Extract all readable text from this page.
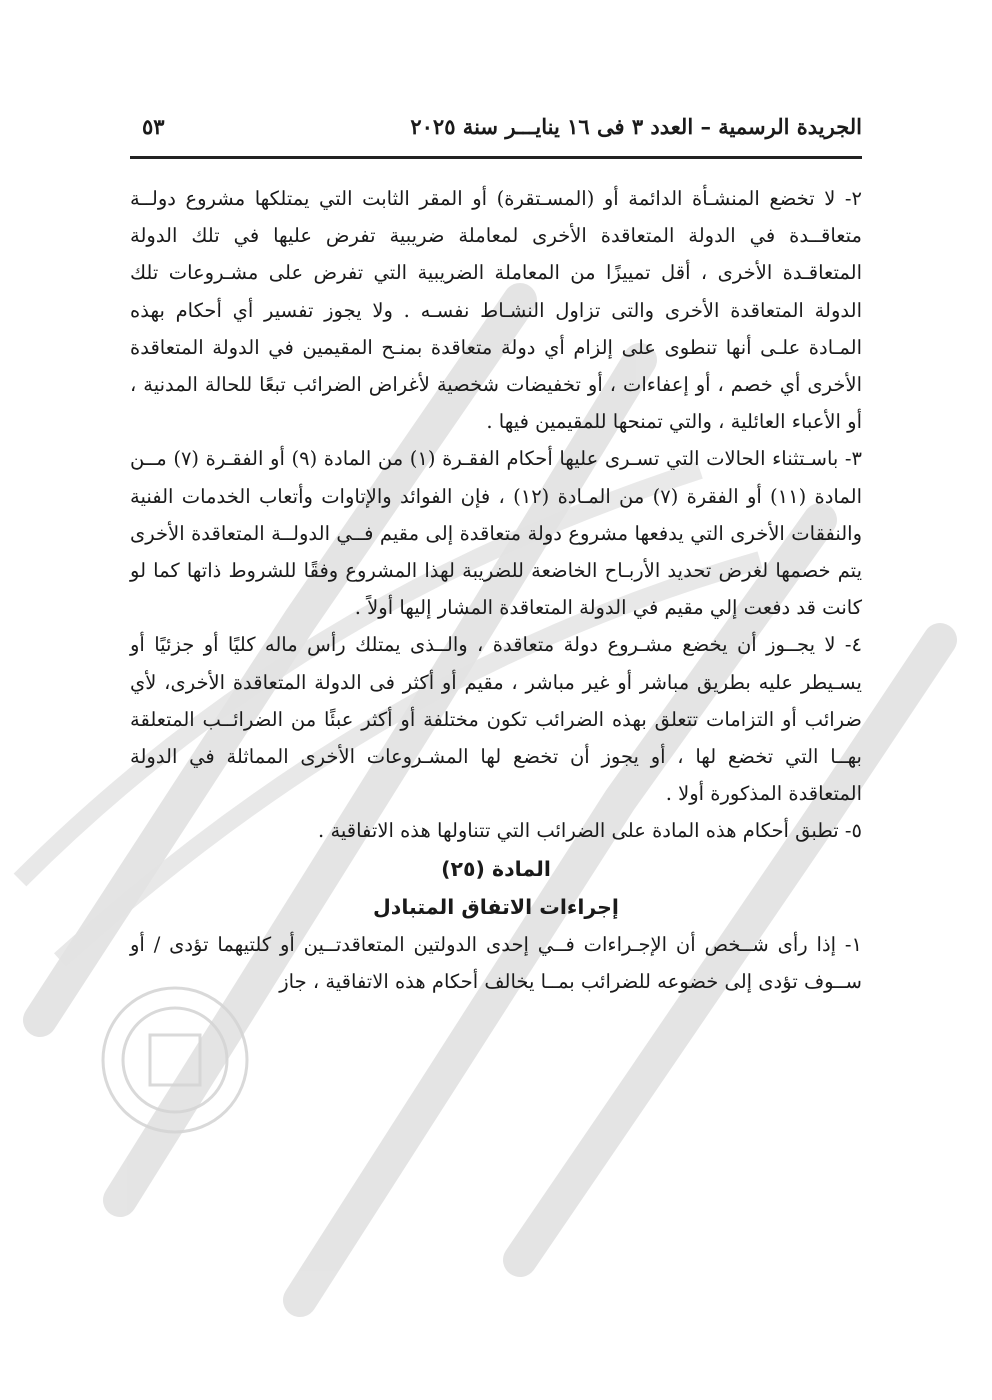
الجريدة الرسمية – العدد ٣ فى ١٦ ينايـــر سنة ٢٠٢٥
٥٣

٢- لا تخضع المنشـأة الدائمة أو (المسـتقرة) أو المقر الثابت التي يمتلكها مشروع دولــة متعاقــدة في الدولة المتعاقدة الأخرى لمعاملة ضريبية تفرض عليها في تلك الدولة المتعاقـدة الأخرى ، أقل تمييزًا من المعاملة الضريبية التي تفرض على مشـروعات تلك الدولة المتعاقدة الأخرى والتى تزاول النشـاط نفسـه . ولا يجوز تفسير أي أحكام بهذه المـادة علـى أنها تنطوى على إلزام أي دولة متعاقدة بمنـح المقيمين في الدولة المتعاقدة الأخرى أي خصم ، أو إعفاءات ، أو تخفيضات شخصية لأغراض الضرائب تبعًا للحالة المدنية ، أو الأعباء العائلية ، والتي تمنحها للمقيمين فيها .

٣- باسـتثناء الحالات التي تسـرى عليها أحكام الفقـرة (١) من المادة (٩) أو الفقـرة (٧) مــن المادة (١١) أو الفقرة (٧) من المـادة (١٢) ، فإن الفوائد والإتاوات وأتعاب الخدمات الفنية والنفقات الأخرى التي يدفعها مشروع دولة متعاقدة إلى مقيم فــي الدولــة المتعاقدة الأخرى يتم خصمها لغرض تحديد الأربـاح الخاضعة للضريبة لهذا المشروع وفقًا للشروط ذاتها كما لو كانت قد دفعت إلي مقيم في الدولة المتعاقدة المشار إليها أولاً .

٤- لا يجــوز أن يخضع مشـروع دولة متعاقدة ، والــذى يمتلك رأس ماله كليًا أو جزئيًا أو يسـيطر عليه بطريق مباشر أو غير مباشر ، مقيم أو أكثر فى الدولة المتعاقدة الأخرى، لأي ضرائب أو التزامات تتعلق بهذه الضرائب تكون مختلفة أو أكثر عبئًا من الضرائــب المتعلقة بهــا التي تخضع لها ، أو يجوز أن تخضع لها المشـروعات الأخرى المماثلة في الدولة المتعاقدة المذكورة أولا .

٥- تطبق أحكام هذه المادة على الضرائب التي تتناولها هذه الاتفاقية .

المادة (٢٥)

إجراءات الاتفاق المتبادل

١- إذا رأى شــخص أن الإجـراءات فــي إحدى الدولتين المتعاقدتــين أو كلتيهما تؤدى / أو ســوف تؤدى إلى خضوعه للضرائب بمــا يخالف أحكام هذه الاتفاقية ، جاز
